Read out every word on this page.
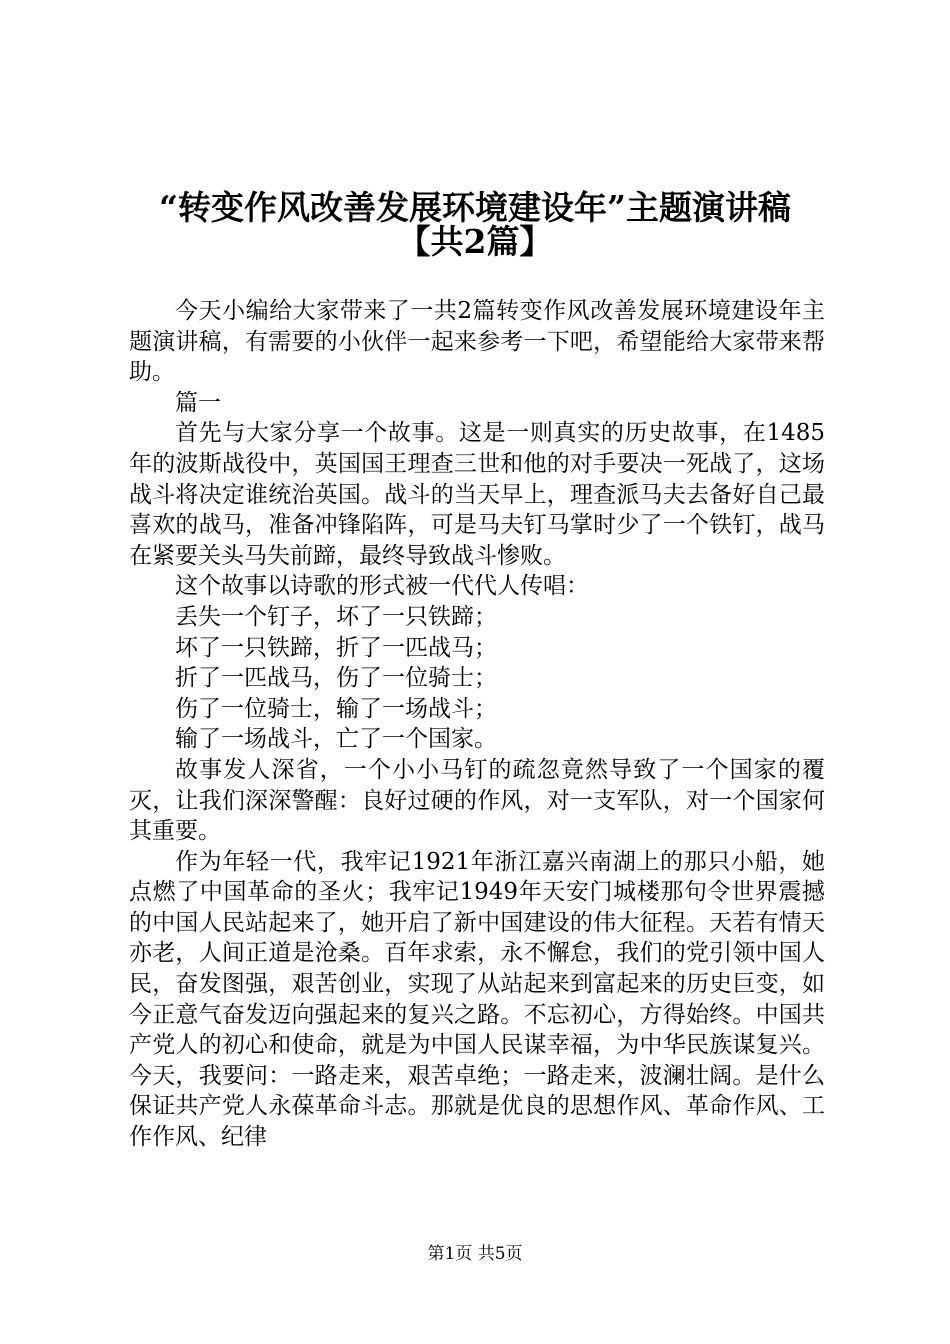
“转变作风改善发展环境建设年”主题演讲稿
【共2篇】

今天小编给大家带来了一共2篇转变作风改善发展环境建设年主题演讲稿，有需要的小伙伴一起来参考一下吧，希望能给大家带来帮助。

篇一

首先与大家分享一个故事。这是一则真实的历史故事，在1485年的波斯战役中，英国国王理查三世和他的对手要决一死战了，这场战斗将决定谁统治英国。战斗的当天早上，理查派马夫去备好自己最喜欢的战马，准备冲锋陷阵，可是马夫钉马掌时少了一个铁钉，战马在紧要关头马失前蹄，最终导致战斗惨败。

这个故事以诗歌的形式被一代代人传唱：

丢失一个钉子，坏了一只铁蹄；

坏了一只铁蹄，折了一匹战马；

折了一匹战马，伤了一位骑士；

伤了一位骑士，输了一场战斗；

输了一场战斗，亡了一个国家。

故事发人深省，一个小小马钉的疏忽竟然导致了一个国家的覆灭，让我们深深警醒：良好过硬的作风，对一支军队，对一个国家何其重要。

作为年轻一代，我牢记1921年浙江嘉兴南湖上的那只小船，她点燃了中国革命的圣火；我牢记1949年天安门城楼那句令世界震撼的中国人民站起来了，她开启了新中国建设的伟大征程。天若有情天亦老，人间正道是沧桑。百年求索，永不懈怠，我们的党引领中国人民，奋发图强，艰苦创业，实现了从站起来到富起来的历史巨变，如今正意气奋发迈向强起来的复兴之路。不忘初心，方得始终。中国共产党人的初心和使命，就是为中国人民谋幸福，为中华民族谋复兴。今天，我要问：一路走来，艰苦卓绝；一路走来，波澜壮阔。是什么保证共产党人永葆革命斗志。那就是优良的思想作风、革命作风、工作作风、纪律

第1页 共5页
